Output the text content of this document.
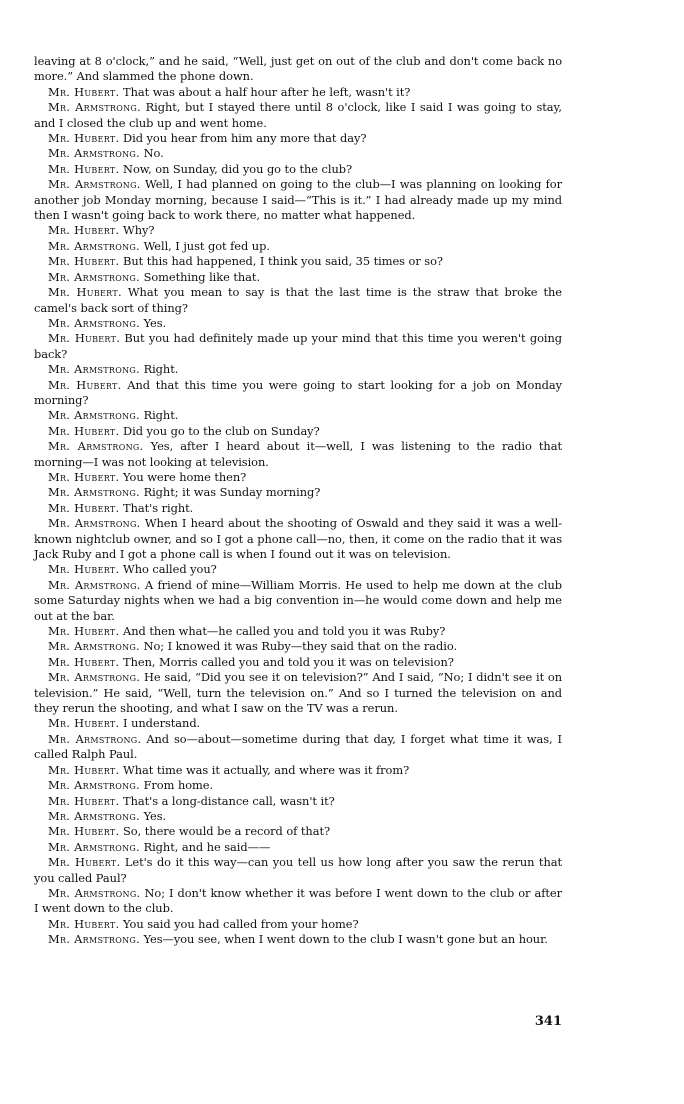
leaving at 8 o'clock,” and he said, “Well, just get on out of the club and don't come back no more.” And slammed the phone down.

Mr. Hubert. That was about a half hour after he left, wasn't it?

Mr. Armstrong. Right, but I stayed there until 8 o'clock, like I said I was going to stay, and I closed the club up and went home.

Mr. Hubert. Did you hear from him any more that day?

Mr. Armstrong. No.

Mr. Hubert. Now, on Sunday, did you go to the club?

Mr. Armstrong. Well, I had planned on going to the club—I was planning on looking for another job Monday morning, because I said—“This is it.” I had already made up my mind then I wasn't going back to work there, no matter what happened.

Mr. Hubert. Why?

Mr. Armstrong. Well, I just got fed up.

Mr. Hubert. But this had happened, I think you said, 35 times or so?

Mr. Armstrong. Something like that.

Mr. Hubert. What you mean to say is that the last time is the straw that broke the camel's back sort of thing?

Mr. Armstrong. Yes.

Mr. Hubert. But you had definitely made up your mind that this time you weren't going back?

Mr. Armstrong. Right.

Mr. Hubert. And that this time you were going to start looking for a job on Monday morning?

Mr. Armstrong. Right.

Mr. Hubert. Did you go to the club on Sunday?

Mr. Armstrong. Yes, after I heard about it—well, I was listening to the radio that morning—I was not looking at television.

Mr. Hubert. You were home then?

Mr. Armstrong. Right; it was Sunday morning?

Mr. Hubert. That's right.

Mr. Armstrong. When I heard about the shooting of Oswald and they said it was a well-known nightclub owner, and so I got a phone call—no, then, it come on the radio that it was Jack Ruby and I got a phone call is when I found out it was on television.

Mr. Hubert. Who called you?

Mr. Armstrong. A friend of mine—William Morris. He used to help me down at the club some Saturday nights when we had a big convention in—he would come down and help me out at the bar.

Mr. Hubert. And then what—he called you and told you it was Ruby?

Mr. Armstrong. No; I knowed it was Ruby—they said that on the radio.

Mr. Hubert. Then, Morris called you and told you it was on television?

Mr. Armstrong. He said, “Did you see it on television?” And I said, “No; I didn't see it on television.” He said, “Well, turn the television on.” And so I turned the television on and they rerun the shooting, and what I saw on the TV was a rerun.

Mr. Hubert. I understand.

Mr. Armstrong. And so—about—sometime during that day, I forget what time it was, I called Ralph Paul.

Mr. Hubert. What time was it actually, and where was it from?

Mr. Armstrong. From home.

Mr. Hubert. That's a long-distance call, wasn't it?

Mr. Armstrong. Yes.

Mr. Hubert. So, there would be a record of that?

Mr. Armstrong. Right, and he said——

Mr. Hubert. Let's do it this way—can you tell us how long after you saw the rerun that you called Paul?

Mr. Armstrong. No; I don't know whether it was before I went down to the club or after I went down to the club.

Mr. Hubert. You said you had called from your home?

Mr. Armstrong. Yes—you see, when I went down to the club I wasn't gone but an hour.

341
